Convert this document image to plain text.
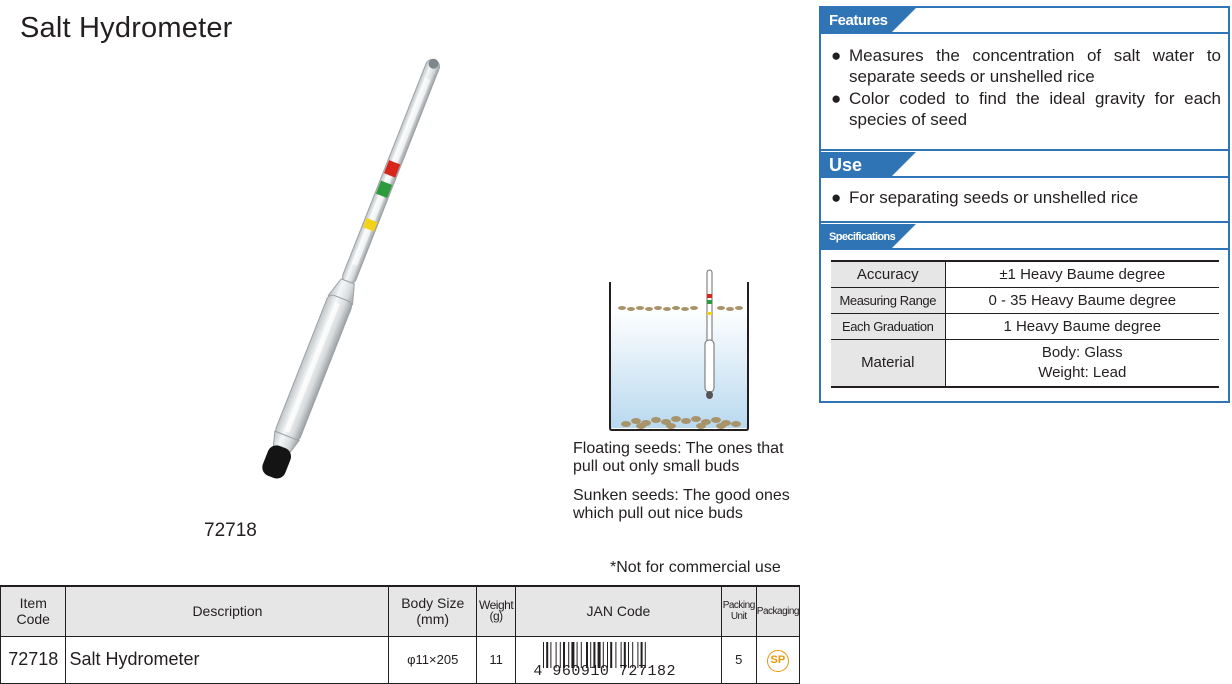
Salt Hydrometer
72718
Floating seeds: The ones that pull out only small buds
Sunken seeds: The good ones which pull out nice buds
*Not for commercial use
Item Code	Description	Body Size (mm)	Weight (g)	JAN Code	Packing Unit	Packaging
72718	Salt Hydrometer	φ11×205	11	4 960910 727182	5	SP
Features
● Measures the concentration of salt water to separate seeds or unshelled rice
● Color coded to find the ideal gravity for each species of seed
Use
● For separating seeds or unshelled rice
Specifications
Accuracy	±1 Heavy Baume degree
Measuring Range	0 - 35 Heavy Baume degree
Each Graduation	1 Heavy Baume degree
Material	Body: Glass
Weight: Lead
